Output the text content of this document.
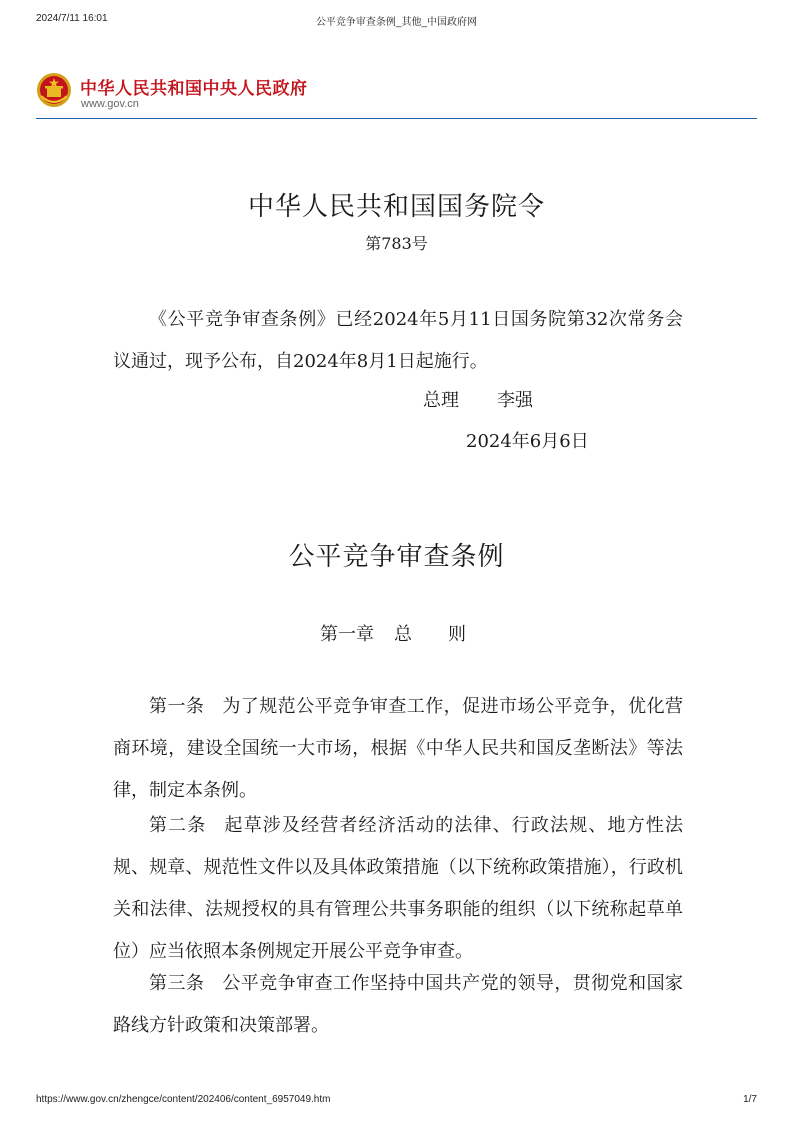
2024/7/11 16:01	公平竞争审查条例_其他_中国政府网
中华人民共和国中央人民政府
www.gov.cn
中华人民共和国国务院令
第783号
《公平竞争审查条例》已经2024年5月11日国务院第32次常务会议通过，现予公布，自2024年8月1日起施行。
总理 李强
2024年6月6日
公平竞争审查条例
第一章 总 则
第一条 为了规范公平竞争审查工作，促进市场公平竞争，优化营商环境，建设全国统一大市场，根据《中华人民共和国反垄断法》等法律，制定本条例。
第二条 起草涉及经营者经济活动的法律、行政法规、地方性法规、规章、规范性文件以及具体政策措施（以下统称政策措施），行政机关和法律、法规授权的具有管理公共事务职能的组织（以下统称起草单位）应当依照本条例规定开展公平竞争审查。
第三条 公平竞争审查工作坚持中国共产党的领导，贯彻党和国家路线方针政策和决策部署。
https://www.gov.cn/zhengce/content/202406/content_6957049.htm	1/7
